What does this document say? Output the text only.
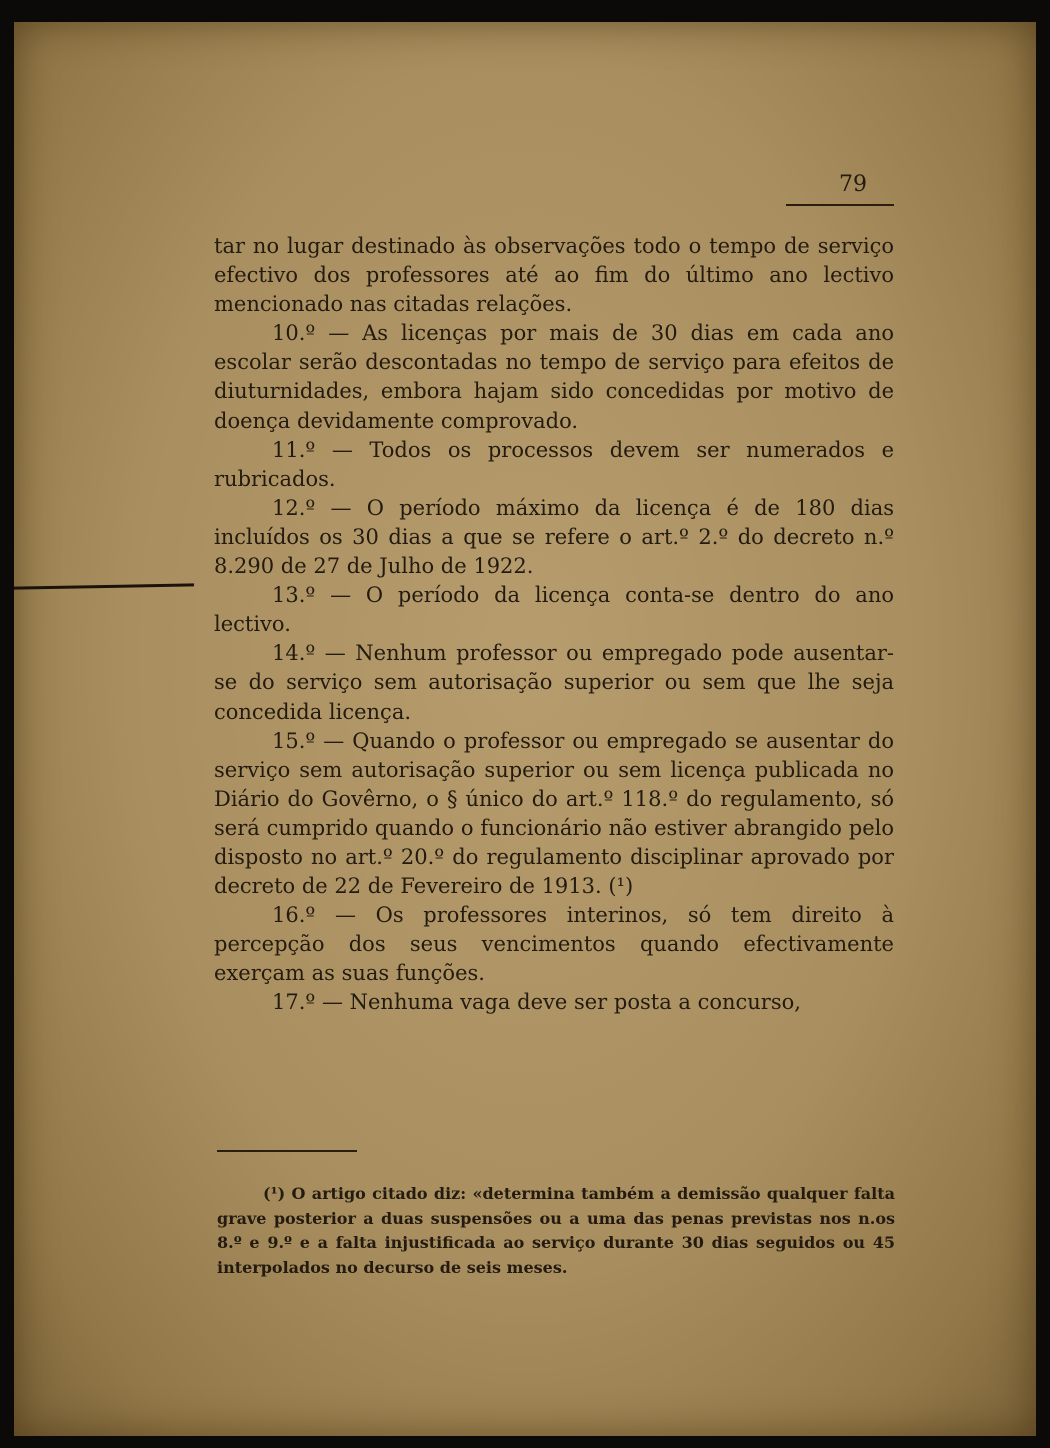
79

tar no lugar destinado às observações todo o tempo de serviço efectivo dos professores até ao fim do último ano lectivo mencionado nas citadas relações.

10.º — As licenças por mais de 30 dias em cada ano escolar serão descontadas no tempo de serviço para efeitos de diuturnidades, embora hajam sido concedidas por motivo de doença devidamente comprovado.

11.º — Todos os processos devem ser numerados e rubricados.

12.º — O período máximo da licença é de 180 dias incluídos os 30 dias a que se refere o art.º 2.º do decreto n.º 8.290 de 27 de Julho de 1922.

13.º — O período da licença conta-se dentro do ano lectivo.

14.º — Nenhum professor ou empregado pode ausentar-se do serviço sem autorisação superior ou sem que lhe seja concedida licença.

15.º — Quando o professor ou empregado se ausentar do serviço sem autorisação superior ou sem licença publicada no Diário do Govêrno, o § único do art.º 118.º do regulamento, só será cumprido quando o funcionário não estiver abrangido pelo disposto no art.º 20.º do regulamento disciplinar aprovado por decreto de 22 de Fevereiro de 1913. (¹)

16.º — Os professores interinos, só tem direito à percepção dos seus vencimentos quando efectivamente exerçam as suas funções.

17.º — Nenhuma vaga deve ser posta a concurso,

(¹) O artigo citado diz: «determina também a demissão qualquer falta grave posterior a duas suspensões ou a uma das penas previstas nos n.os 8.º e 9.º e a falta injustificada ao serviço durante 30 dias seguidos ou 45 interpolados no decurso de seis meses.
